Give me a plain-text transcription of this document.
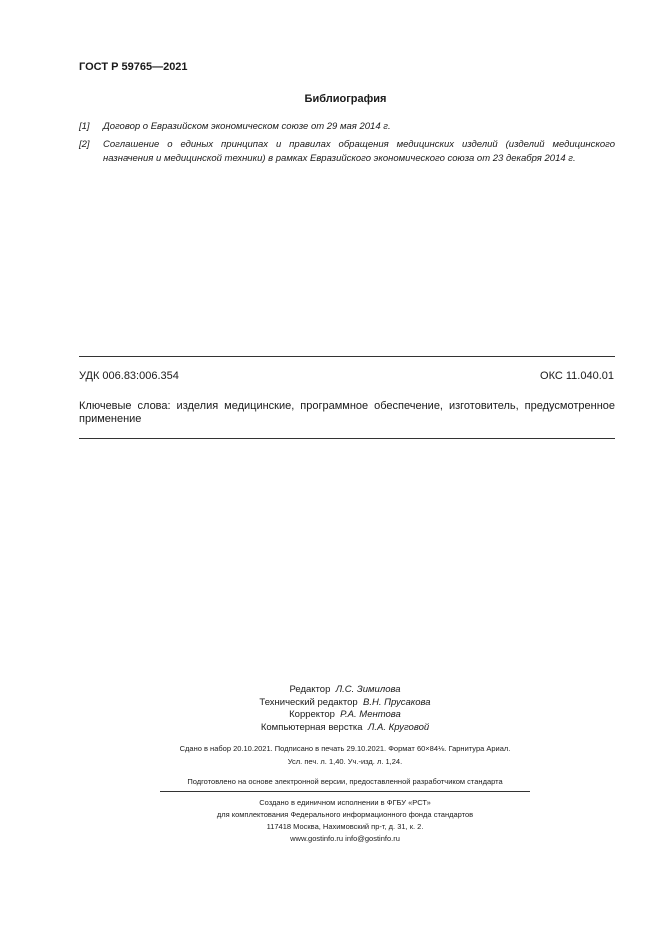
ГОСТ Р 59765—2021
Библиография
[1] Договор о Евразийском экономическом союзе от 29 мая 2014 г.
[2] Соглашение о единых принципах и правилах обращения медицинских изделий (изделий медицинского
назначения и медицинской техники) в рамках Евразийского экономического союза от 23 декабря 2014 г.
УДК 006.83:006.354	ОКС 11.040.01
Ключевые слова: изделия медицинские, программное обеспечение, изготовитель, предусмотренное
применение
Редактор Л.С. Зимилова
Технический редактор В.Н. Прусакова
Корректор Р.А. Ментова
Компьютерная верстка Л.А. Круговой
Сдано в набор 20.10.2021. Подписано в печать 29.10.2021. Формат 60×84⅛. Гарнитура Ариал.
Усл. печ. л. 1,40. Уч.-изд. л. 1,24.
Подготовлено на основе электронной версии, предоставленной разработчиком стандарта
Создано в единичном исполнении в ФГБУ «РСТ»
для комплектования Федерального информационного фонда стандартов
117418 Москва, Нахимовский пр-т, д. 31, к. 2.
www.gostinfo.ru info@gostinfo.ru
